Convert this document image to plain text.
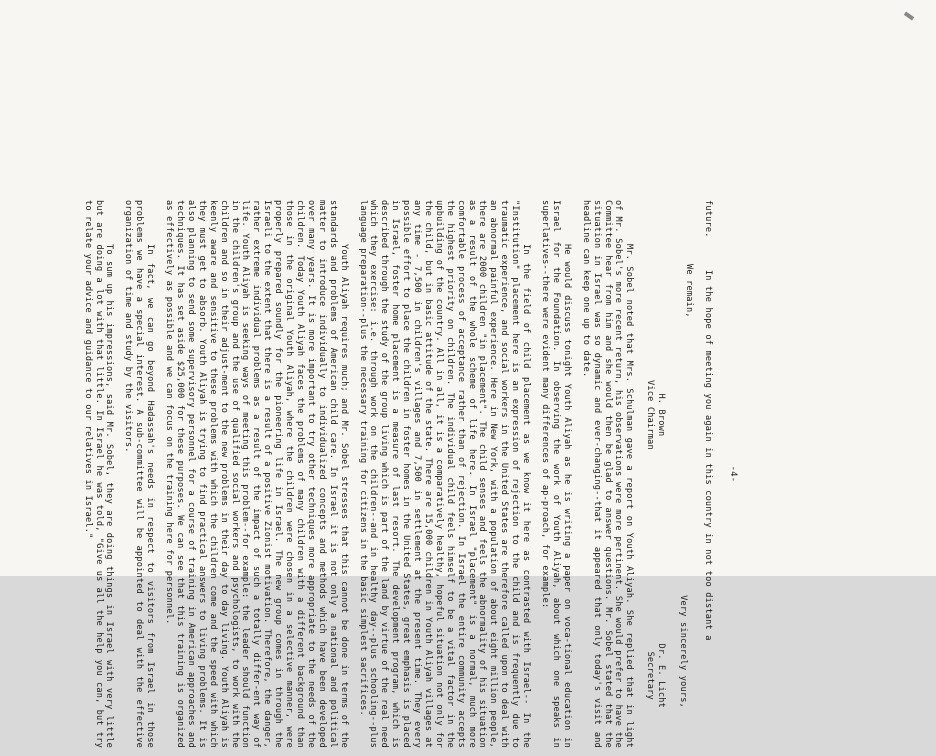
-4-
future.      In the hope of meeting you again in this country in not too distant a
We remain,
Very sincerely yours,
H. Brown
Vice Chairman
Dr. E. Licht
Secretary
Mr. Sobel noted that Mrs. Schulman gave a report on Youth Aliyah. She replied that in light of Mr. Sobel's more recent return, his observations were more pertinent. She would prefer to have the Committee hear from him and she would then be glad to answer questions. Mr. Sobel stated that the situation in Israel was so dynamic and ever-changing--that it appeared that only today's visit and headline can keep one up to date.
He would discuss tonight Youth Aliyah as he is writing a paper on voca-tional education in Israel for the Foundation. In observing the work of Youth Aliyah, about which one speaks in superlatives--there were evident many differences of ap-proach, for example:
In the field of child placement as we know it here as contrasted with Israel-- In the "Institution" placement here is an expression of rejection to the child and is frequently due to traumatic experience, and social workers in the United States are therefore called upon to deal with an abnormal painful experience. Here in New York, with a population of about eight million people, there are 2000 children "in placement". The child senses and feels the abnormality of his situation as a result of the whole scheme of life here. In Israel "placement" is a normal, much more comfortable process of acceptance rather than of rejection. In Israel the entire community accepts the highest priority on children. The individual child feels himself to be a vital factor in the upbuilding of the country. All in all, it is a comparatively healthy, hopeful situation not only for the child, but in basic attitude of the state. There are 15,000 children in Youth Aliyah villages at any time - 7,500 in children's villages and 7,500 in settlement at the present time. They every possible effort to place the children in foster homes in the United States, great emphasis is placed in Israel, foster home placement is a measure of last resort. The development program, which is described through the study of the group living which is part of the land by virtue of the real need which they exercise: i.e. through work on the children--and in healthy day--plus schooling--plus language preparation--plus the necessary training for citizens in the basic simplest sacrifices.
Youth Aliyah requires much; and Mr. Sobel stresses that this cannot be done in terms of the standards and problems of American child care. In Israel it is not only a national and political matter to introduce individually to individualized concepts and methods which have been developed over many years. It is more important to try other techniques more appropriate to the needs of the children. Today Youth Aliyah faces the problems of many children with a different background than those in the original Youth Aliyah, where the children were chosen in a selective manner, were properly prepared soundly for the pioneering life in Israel. The new group comes in through the Israeli to the extent that there is a result of a positive Zionist motivation. Therefore, the danger, rather extreme individual problems as a result of the impact of such a totally differ-ent way of life. Youth Aliyah is seeking ways of meeting this problem--for example: the leader should function in the children's group and the use of qualified social workers and psychologists, to work with the children and so in their adjust-ment to the new problems in their day to day living. Youth Aliyah is keenly aware and sensitive to these problems with which the children come and the speed with which they must get to absorb. Youth Aliyah is trying to find practical answers to living problems. It is also planning to send some supervisory personnel for a course of training in American approaches and techniques. It has set aside $25,000 for these purposes. We can see that this training is organized as effectively as possible and we can focus on the training here for personnel.
In fact, we can go beyond Hadassah's needs in respect to visitors from Israel in those problems we have a special interest. A sub-committee will be appointed to deal with the effective organization of time and study by the visitors.
To sum up his impressions, said Mr. Sobel, they are doing things in Israel with very little but are doing a lot with that little. In Israel he was told, "Give us all the help you can, but try to relate your advice and guidance to our relatives in Israel."
